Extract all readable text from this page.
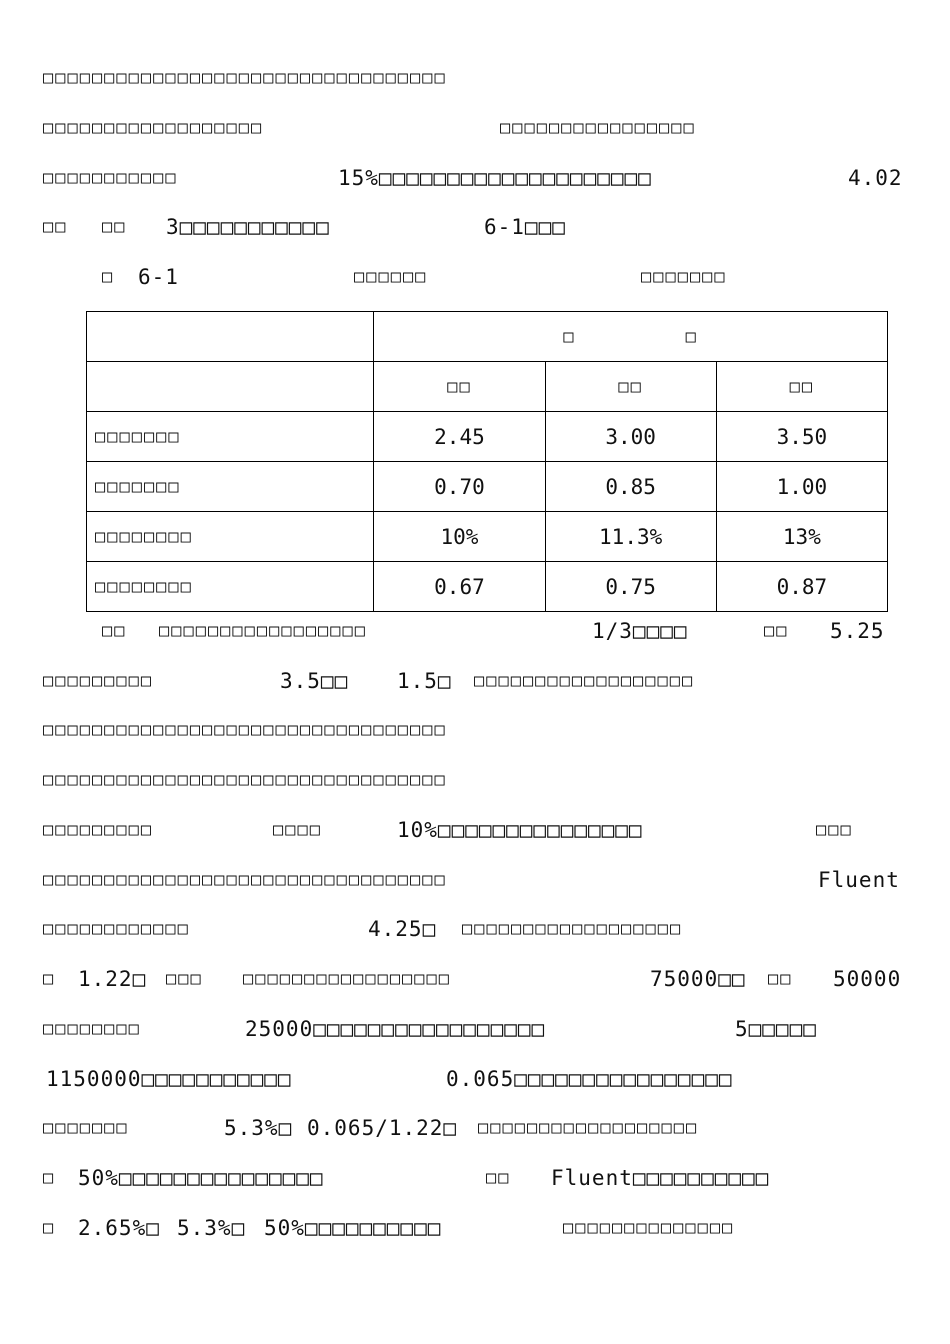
□□□□□□□□□□□□□□□□□□□□□□□□□□□□□□□□□
□□□□□□□□□□□□□□□□□□	□□□□□□□□□□□□□□□□
□□□□□□□□□□□	15%□□□□□□□□□□□□□□□□□□□□	4.02
□□ □□ 3□□□□□□□□□□□	6-1□□□
□ 6-1	□□□□□□	□□□□□□□
	□ □		
	□□	□□	□□
□□□□□□□	2.45	3.00	3.50
□□□□□□□	0.70	0.85	1.00
□□□□□□□□	10%	11.3%	13%
□□□□□□□□	0.67	0.75	0.87
□□ □□□□□□□□□□□□□□□□□	1/3□□□□	□□ 5.25
□□□□□□□□□	3.5□□ 1.5□ □□□□□□□□□□□□□□□□□□
□□□□□□□□□□□□□□□□□□□□□□□□□□□□□□□□□
□□□□□□□□□□□□□□□□□□□□□□□□□□□□□□□□□
□□□□□□□□□	□□□□	10%□□□□□□□□□□□□□□□	□□□
□□□□□□□□□□□□□□□□□□□□□□□□□□□□□□□□□	Fluent
□□□□□□□□□□□□	4.25□ □□□□□□□□□□□□□□□□□□
□ 1.22□ □□□ □□□□□□□□□□□□□□□□□	75000□□ □□ 50000
□□□□□□□□	25000□□□□□□□□□□□□□□□□□	5□□□□□
1150000□□□□□□□□□□□	0.065□□□□□□□□□□□□□□□□
□□□□□□□	5.3%□ 0.065/1.22□ □□□□□□□□□□□□□□□□□□
□ 50%□□□□□□□□□□□□□□□	□□ Fluent□□□□□□□□□□
□ 2.65%□ 5.3%□ 50%□□□□□□□□□□	□□□□□□□□□□□□□□
